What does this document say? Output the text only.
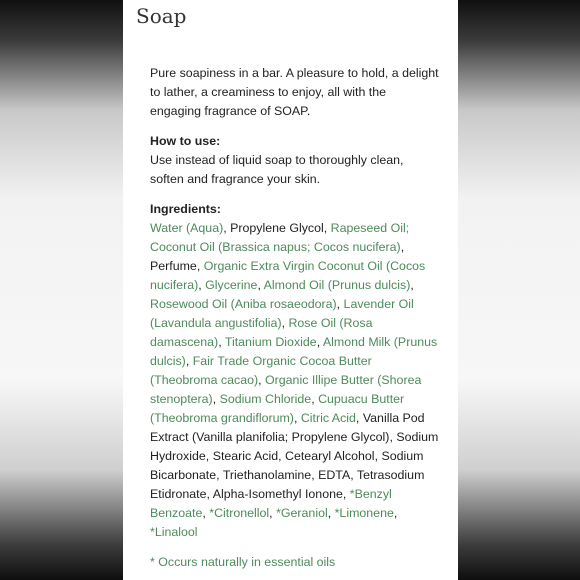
Soap

Pure soapiness in a bar. A pleasure to hold, a delight to lather, a creaminess to enjoy, all with the engaging fragrance of SOAP.

How to use:

Use instead of liquid soap to thoroughly clean, soften and fragrance your skin.

Ingredients:

Water (Aqua), Propylene Glycol, Rapeseed Oil; Coconut Oil (Brassica napus; Cocos nucifera), Perfume, Organic Extra Virgin Coconut Oil (Cocos nucifera), Glycerine, Almond Oil (Prunus dulcis), Rosewood Oil (Aniba rosaeodora), Lavender Oil (Lavandula angustifolia), Rose Oil (Rosa damascena), Titanium Dioxide, Almond Milk (Prunus dulcis), Fair Trade Organic Cocoa Butter (Theobroma cacao), Organic Illipe Butter (Shorea stenoptera), Sodium Chloride, Cupuacu Butter (Theobroma grandiflorum), Citric Acid, Vanilla Pod Extract (Vanilla planifolia; Propylene Glycol), Sodium Hydroxide, Stearic Acid, Cetearyl Alcohol, Sodium Bicarbonate, Triethanolamine, EDTA, Tetrasodium Etidronate, Alpha-Isomethyl Ionone, *Benzyl Benzoate, *Citronellol, *Geraniol, *Limonene, *Linalool

* Occurs naturally in essential oils
